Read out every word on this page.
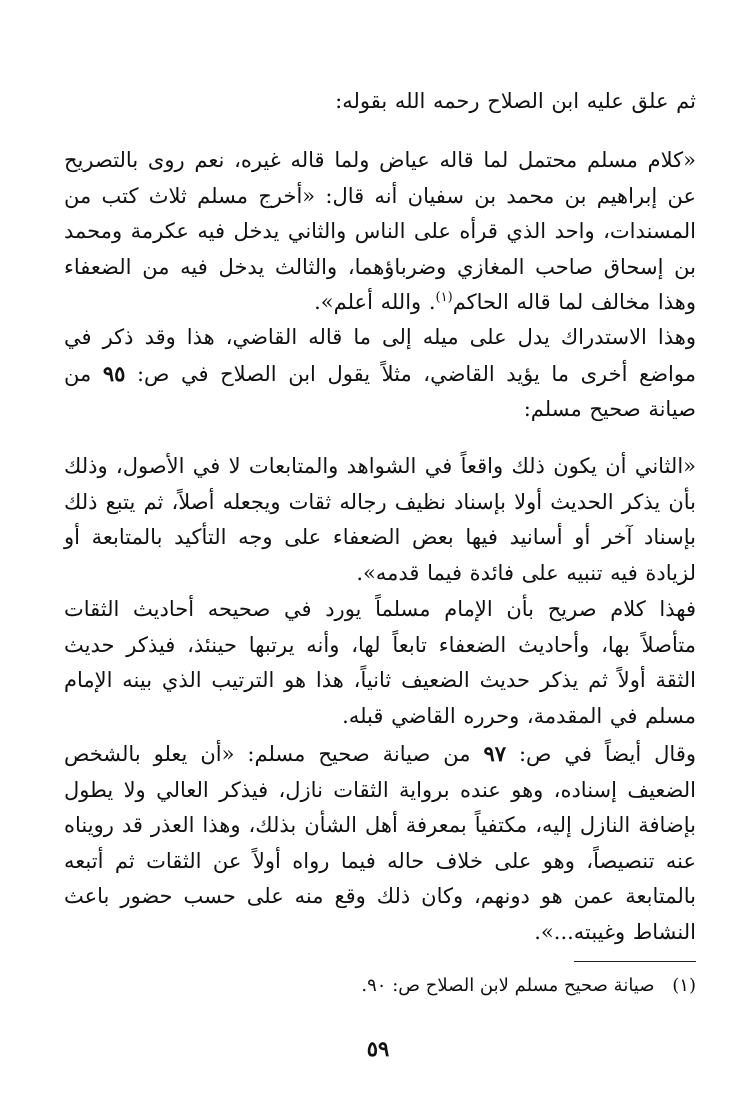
ثم علق عليه ابن الصلاح رحمه الله بقوله:
«كلام مسلم محتمل لما قاله عياض ولما قاله غيره، نعم روى بالتصريح عن إبراهيم بن محمد بن سفيان أنه قال: «أخرج مسلم ثلاث كتب من المسندات، واحد الذي قرأه على الناس والثاني يدخل فيه عكرمة ومحمد بن إسحاق صاحب المغازي وضرباؤهما، والثالث يدخل فيه من الضعفاء وهذا مخالف لما قاله الحاكم$^{(١)}$. والله أعلم».
وهذا الاستدراك يدل على ميله إلى ما قاله القاضي، هذا وقد ذكر في مواضع أخرى ما يؤيد القاضي، مثلاً يقول ابن الصلاح في ص: ٩٥ من صيانة صحيح مسلم:
«الثاني أن يكون ذلك واقعاً في الشواهد والمتابعات لا في الأصول، وذلك بأن يذكر الحديث أولا بإسناد نظيف رجاله ثقات ويجعله أصلاً، ثم يتبع ذلك بإسناد آخر أو أسانيد فيها بعض الضعفاء على وجه التأكيد بالمتابعة أو لزيادة فيه تنبيه على فائدة فيما قدمه».
فهذا كلام صريح بأن الإمام مسلماً يورد في صحيحه أحاديث الثقات متأصلاً بها، وأحاديث الضعفاء تابعاً لها، وأنه يرتبها حينئذ، فيذكر حديث الثقة أولاً ثم يذكر حديث الضعيف ثانياً، هذا هو الترتيب الذي بينه الإمام مسلم في المقدمة، وحرره القاضي قبله.
وقال أيضاً في ص: ٩٧ من صيانة صحيح مسلم: «أن يعلو بالشخص الضعيف إسناده، وهو عنده برواية الثقات نازل، فيذكر العالي ولا يطول بإضافة النازل إليه، مكتفياً بمعرفة أهل الشأن بذلك، وهذا العذر قد رويناه عنه تنصيصاً، وهو على خلاف حاله فيما رواه أولاً عن الثقات ثم أتبعه بالمتابعة عمن هو دونهم، وكان ذلك وقع منه على حسب حضور باعث النشاط وغيبته...».
(١) صيانة صحيح مسلم لابن الصلاح ص: ٩٠.
٥٩
